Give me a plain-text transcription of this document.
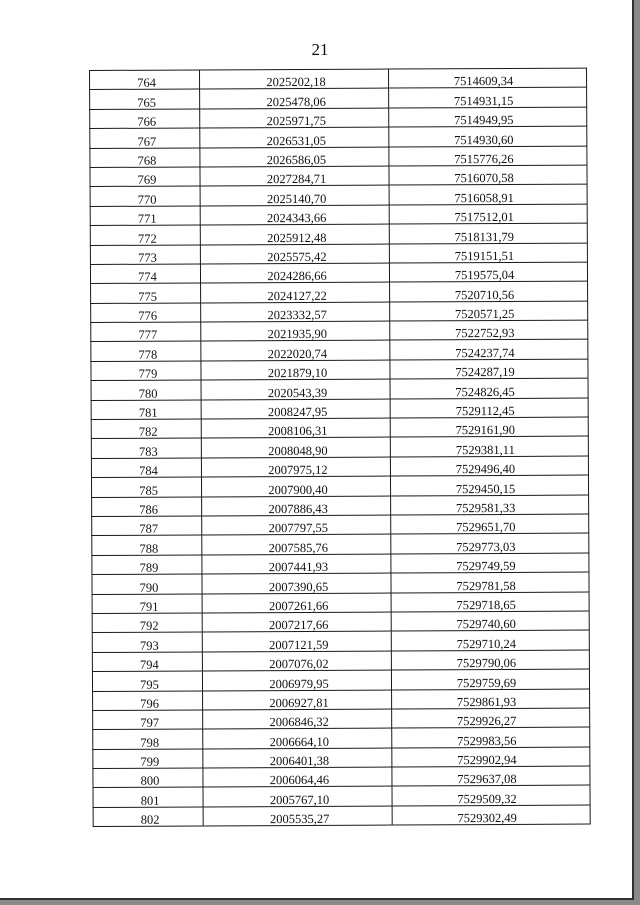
21
764	2025202,18	7514609,34
765	2025478,06	7514931,15
766	2025971,75	7514949,95
767	2026531,05	7514930,60
768	2026586,05	7515776,26
769	2027284,71	7516070,58
770	2025140,70	7516058,91
771	2024343,66	7517512,01
772	2025912,48	7518131,79
773	2025575,42	7519151,51
774	2024286,66	7519575,04
775	2024127,22	7520710,56
776	2023332,57	7520571,25
777	2021935,90	7522752,93
778	2022020,74	7524237,74
779	2021879,10	7524287,19
780	2020543,39	7524826,45
781	2008247,95	7529112,45
782	2008106,31	7529161,90
783	2008048,90	7529381,11
784	2007975,12	7529496,40
785	2007900,40	7529450,15
786	2007886,43	7529581,33
787	2007797,55	7529651,70
788	2007585,76	7529773,03
789	2007441,93	7529749,59
790	2007390,65	7529781,58
791	2007261,66	7529718,65
792	2007217,66	7529740,60
793	2007121,59	7529710,24
794	2007076,02	7529790,06
795	2006979,95	7529759,69
796	2006927,81	7529861,93
797	2006846,32	7529926,27
798	2006664,10	7529983,56
799	2006401,38	7529902,94
800	2006064,46	7529637,08
801	2005767,10	7529509,32
802	2005535,27	7529302,49
